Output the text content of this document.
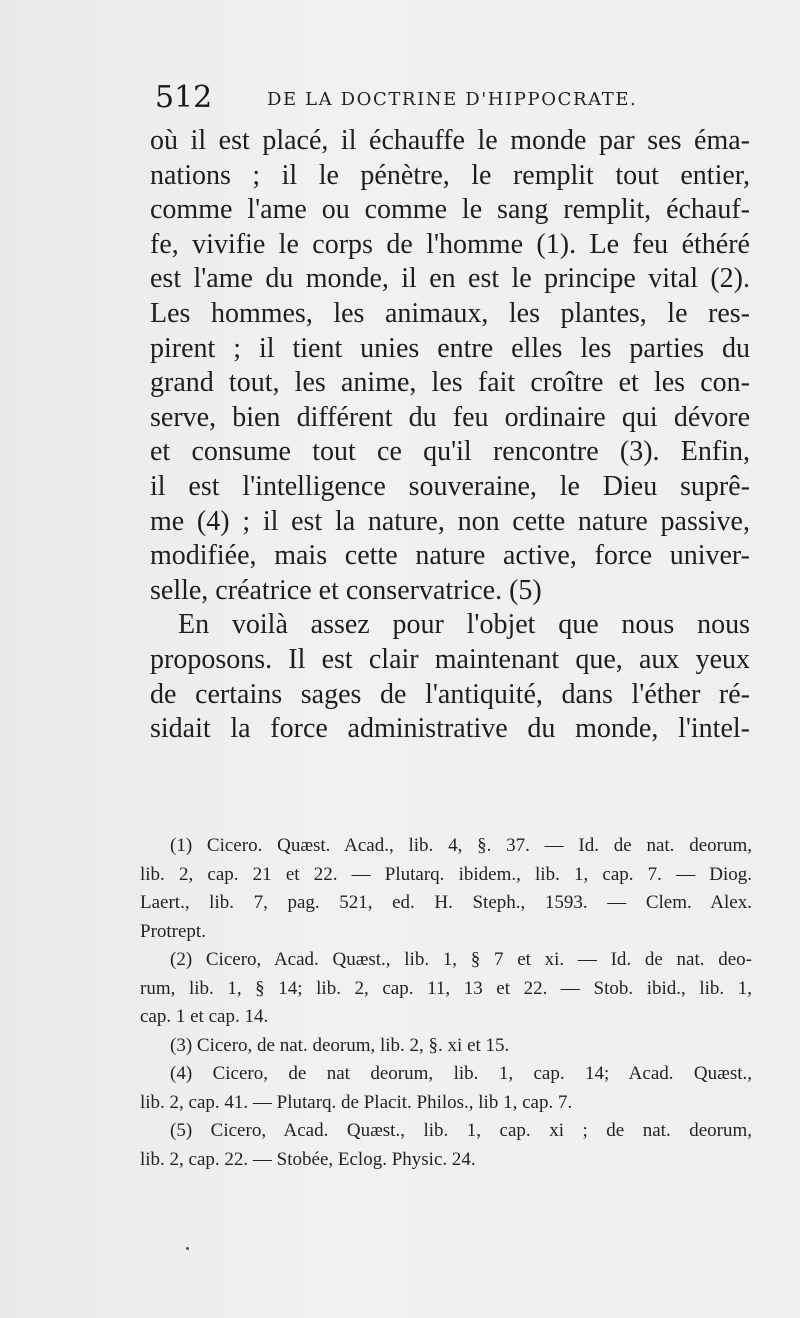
512	DE LA DOCTRINE D'HIPPOCRATE.
où il est placé, il échauffe le monde par ses éma-
nations ; il le pénètre, le remplit tout entier,
comme l'ame ou comme le sang remplit, échauf-
fe, vivifie le corps de l'homme (1). Le feu éthéré
est l'ame du monde, il en est le principe vital (2).
Les hommes, les animaux, les plantes, le res-
pirent ; il tient unies entre elles les parties du
grand tout, les anime, les fait croître et les con-
serve, bien différent du feu ordinaire qui dévore
et consume tout ce qu'il rencontre (3). Enfin,
il est l'intelligence souveraine, le Dieu suprê-
me (4) ; il est la nature, non cette nature passive,
modifiée, mais cette nature active, force univer-
selle, créatrice et conservatrice. (5)
En voilà assez pour l'objet que nous nous
proposons. Il est clair maintenant que, aux yeux
de certains sages de l'antiquité, dans l'éther ré-
sidait la force administrative du monde, l'intel-
(1) Cicero. Quæst. Acad., lib. 4, §. 37. — Id. de nat. deorum,
lib. 2, cap. 21 et 22. — Plutarq. ibidem., lib. 1, cap. 7. — Diog.
Laert., lib. 7, pag. 521, ed. H. Steph., 1593. — Clem. Alex.
Protrept.
(2) Cicero, Acad. Quæst., lib. 1, § 7 et xi. — Id. de nat. deo-
rum, lib. 1, § 14; lib. 2, cap. 11, 13 et 22. — Stob. ibid., lib. 1,
cap. 1 et cap. 14.
(3) Cicero, de nat. deorum, lib. 2, §. xi et 15.
(4) Cicero, de nat deorum, lib. 1, cap. 14; Acad. Quæst.,
lib. 2, cap. 41. — Plutarq. de Placit. Philos., lib 1, cap. 7.
(5) Cicero, Acad. Quæst., lib. 1, cap. xi ; de nat. deorum,
lib. 2, cap. 22. — Stobée, Eclog. Physic. 24.
